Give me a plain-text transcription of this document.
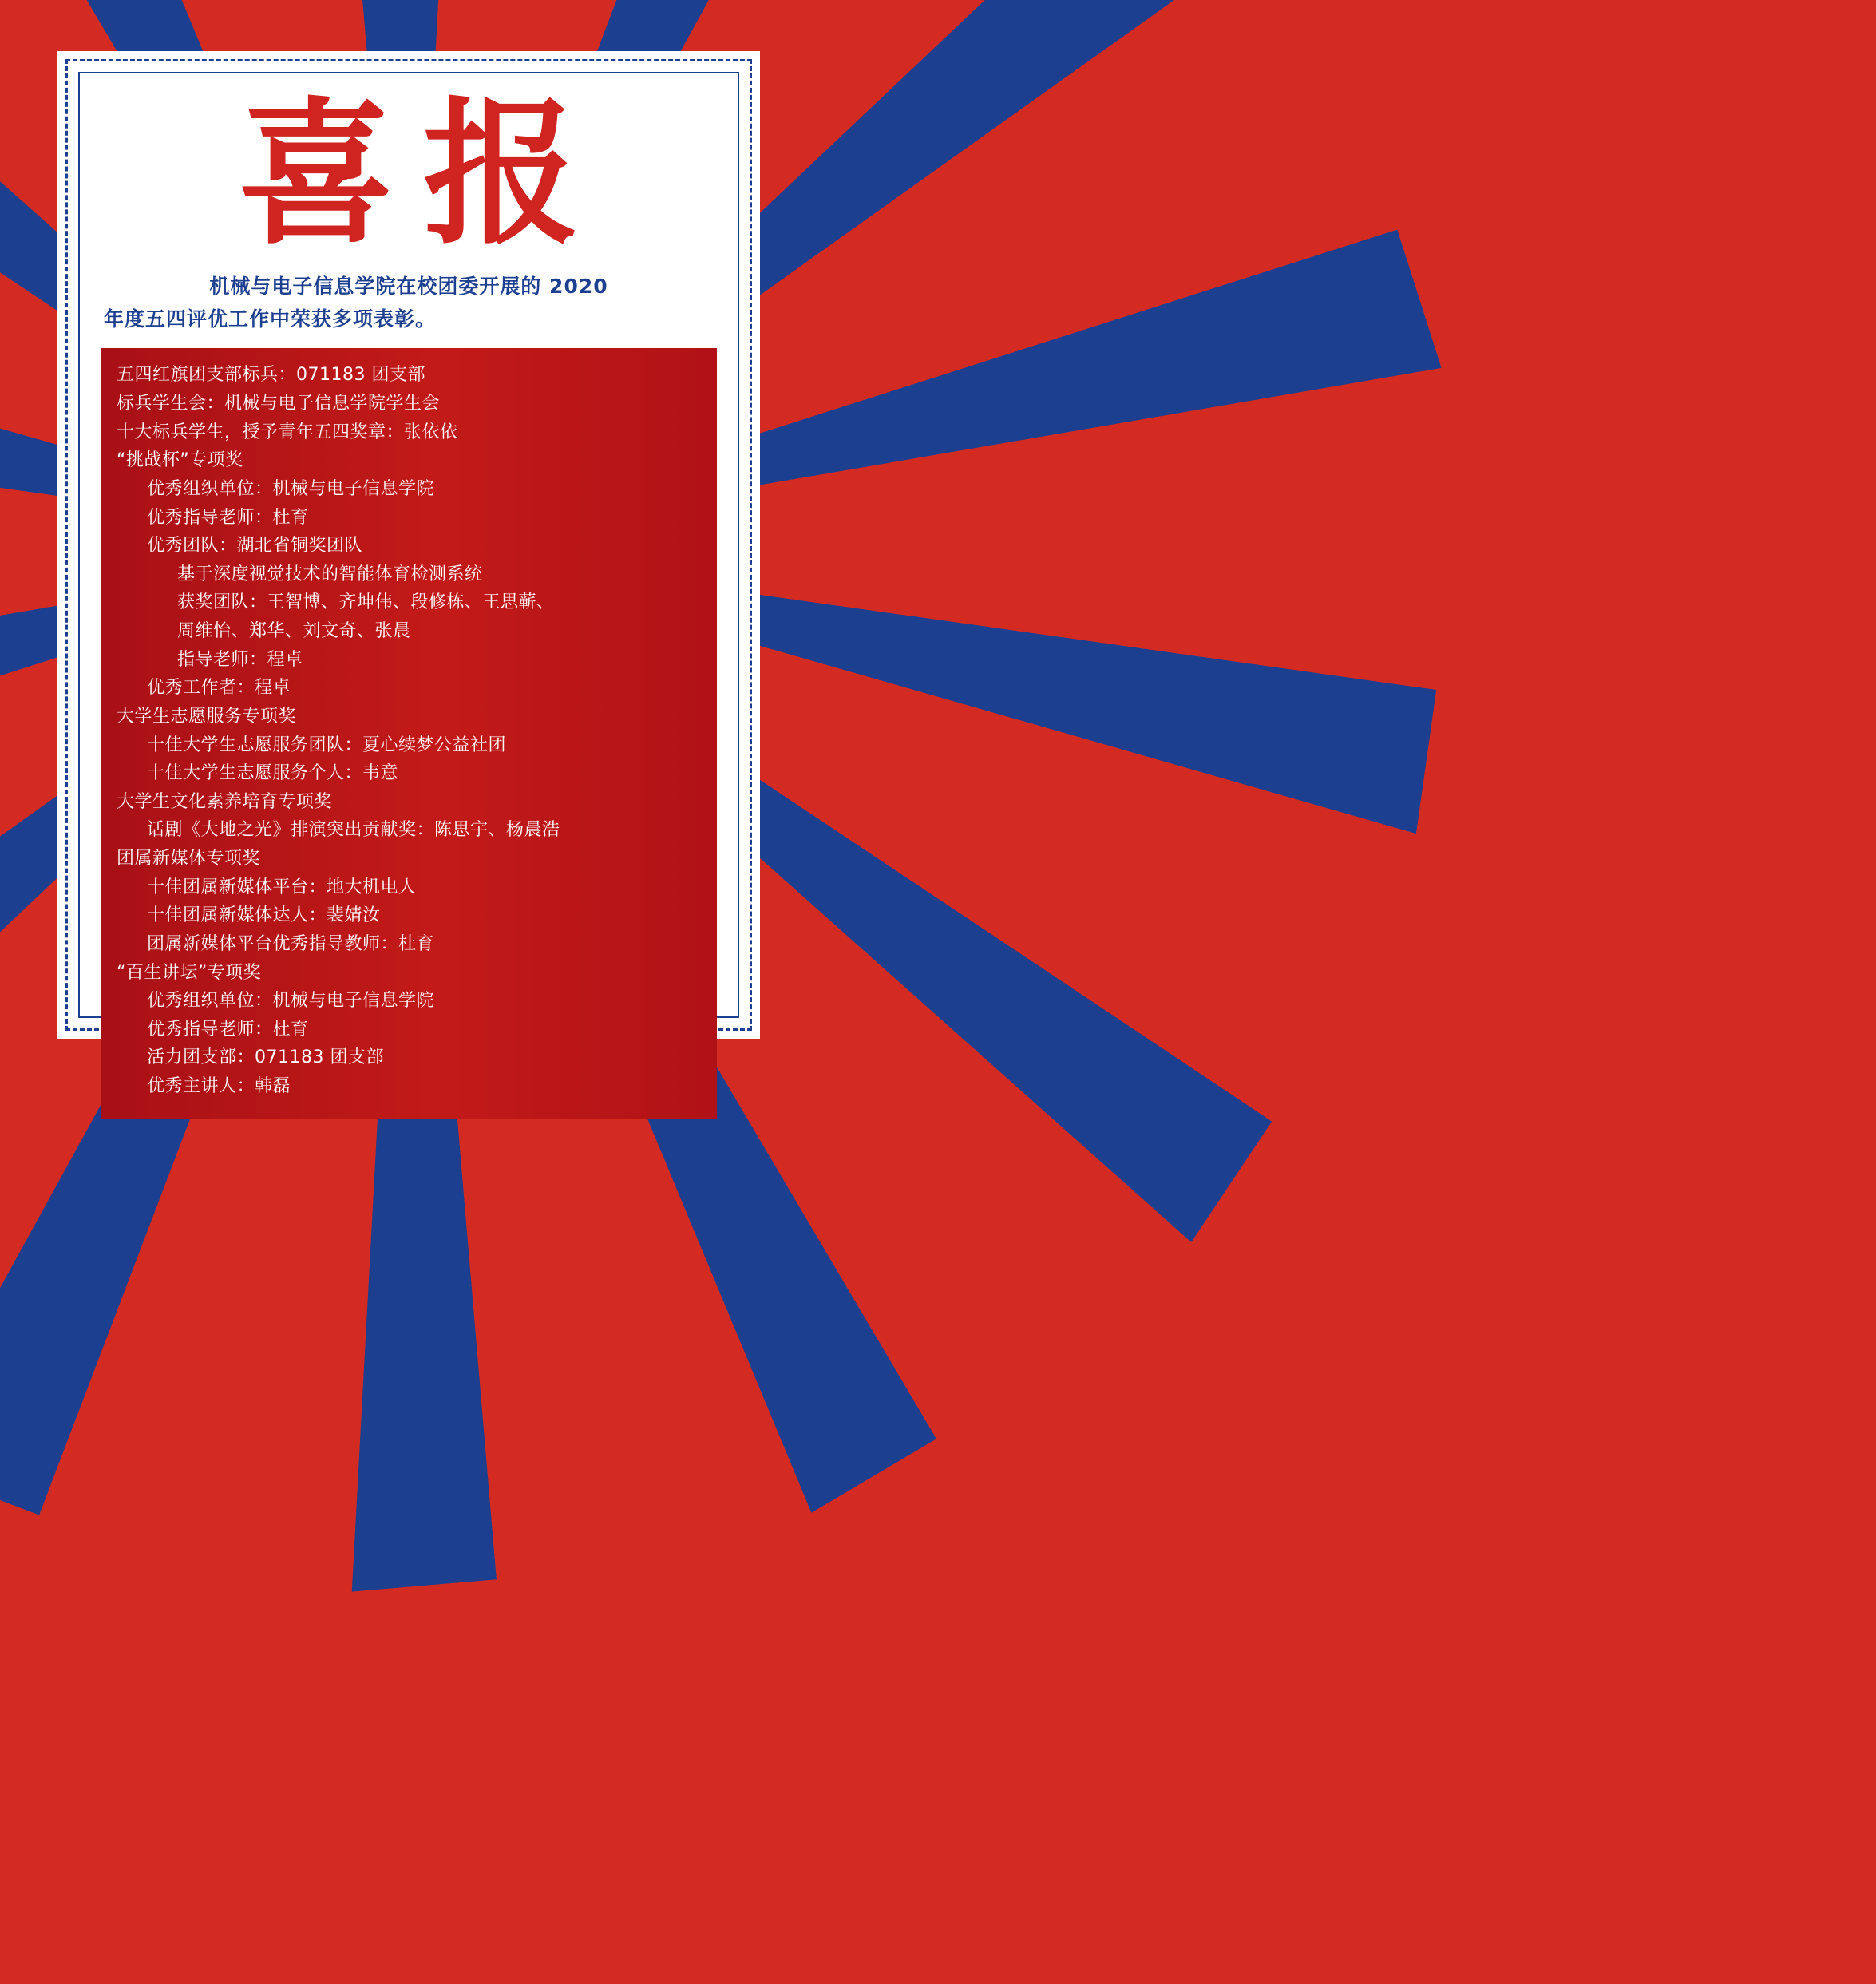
喜报
机械与电子信息学院在校团委开展的 2020
年度五四评优工作中荣获多项表彰。
五四红旗团支部标兵：071183 团支部
标兵学生会：机械与电子信息学院学生会
十大标兵学生，授予青年五四奖章：张依依
“挑战杯”专项奖
优秀组织单位：机械与电子信息学院
优秀指导老师：杜育
优秀团队：湖北省铜奖团队
基于深度视觉技术的智能体育检测系统
获奖团队：王智博、齐坤伟、段修栋、王思蕲、
周维怡、郑华、刘文奇、张晨
指导老师：程卓
优秀工作者：程卓
大学生志愿服务专项奖
十佳大学生志愿服务团队：夏心续梦公益社团
十佳大学生志愿服务个人：韦意
大学生文化素养培育专项奖
话剧《大地之光》排演突出贡献奖：陈思宇、杨晨浩
团属新媒体专项奖
十佳团属新媒体平台：地大机电人
十佳团属新媒体达人：裴婧汝
团属新媒体平台优秀指导教师：杜育
“百生讲坛”专项奖
优秀组织单位：机械与电子信息学院
优秀指导老师：杜育
活力团支部：071183 团支部
优秀主讲人：韩磊
